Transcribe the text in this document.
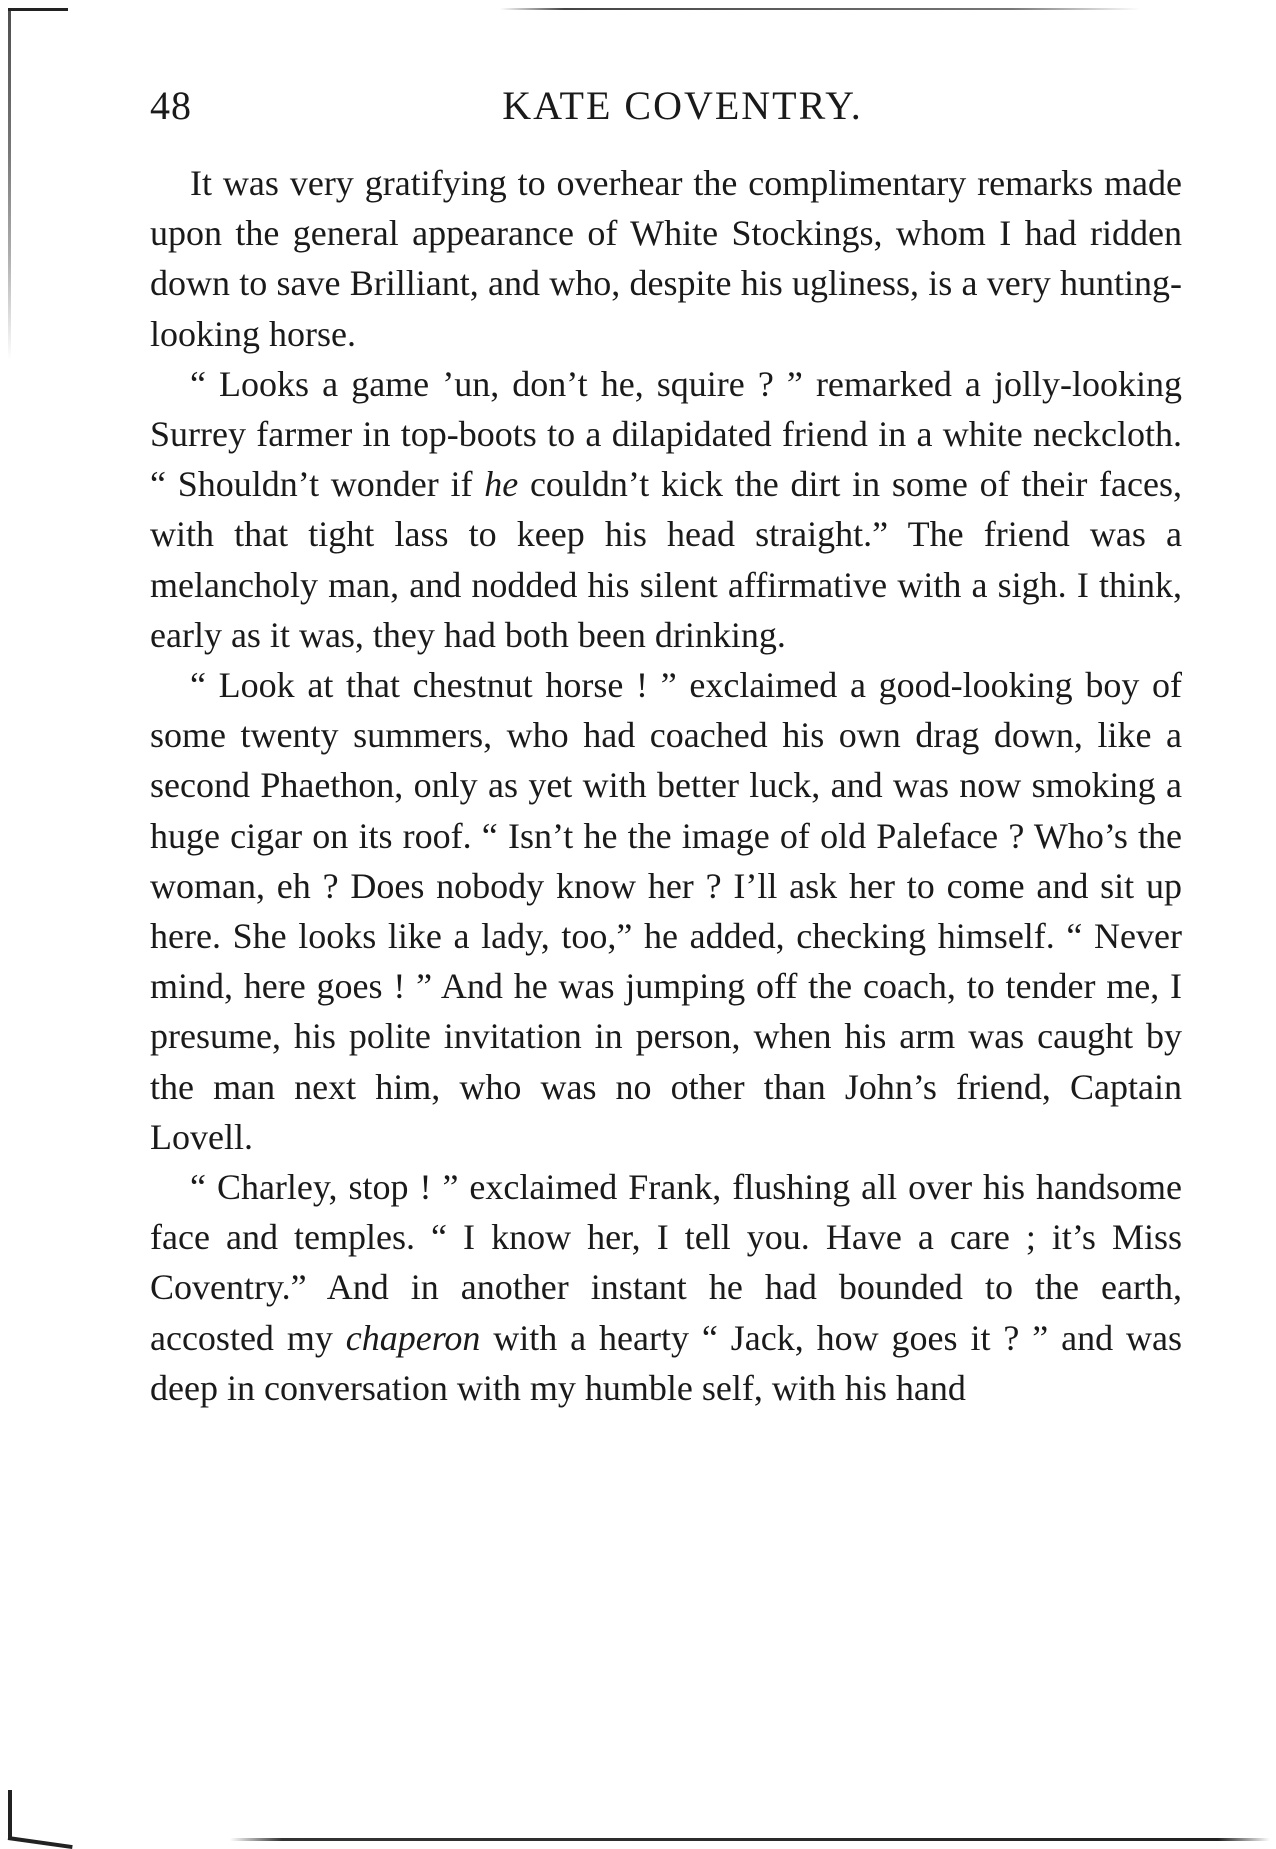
48	KATE COVENTRY.

It was very gratifying to overhear the complimentary remarks made upon the general appearance of White Stockings, whom I had ridden down to save Brilliant, and who, despite his ugliness, is a very hunting-looking horse.

“ Looks a game ’un, don’t he, squire ? ” remarked a jolly-looking Surrey farmer in top-boots to a dilapidated friend in a white neckcloth. “ Shouldn’t wonder if he couldn’t kick the dirt in some of their faces, with that tight lass to keep his head straight.” The friend was a melancholy man, and nodded his silent affirmative with a sigh. I think, early as it was, they had both been drinking.

“ Look at that chestnut horse ! ” exclaimed a good-looking boy of some twenty summers, who had coached his own drag down, like a second Phaethon, only as yet with better luck, and was now smoking a huge cigar on its roof. “ Isn’t he the image of old Paleface ? Who’s the woman, eh ? Does nobody know her ? I’ll ask her to come and sit up here. She looks like a lady, too,” he added, checking himself. “ Never mind, here goes ! ” And he was jumping off the coach, to tender me, I presume, his polite invitation in person, when his arm was caught by the man next him, who was no other than John’s friend, Captain Lovell.

“ Charley, stop ! ” exclaimed Frank, flushing all over his handsome face and temples. “ I know her, I tell you. Have a care ; it’s Miss Coventry.” And in another instant he had bounded to the earth, accosted my chaperon with a hearty “ Jack, how goes it ? ” and was deep in conversation with my humble self, with his hand
